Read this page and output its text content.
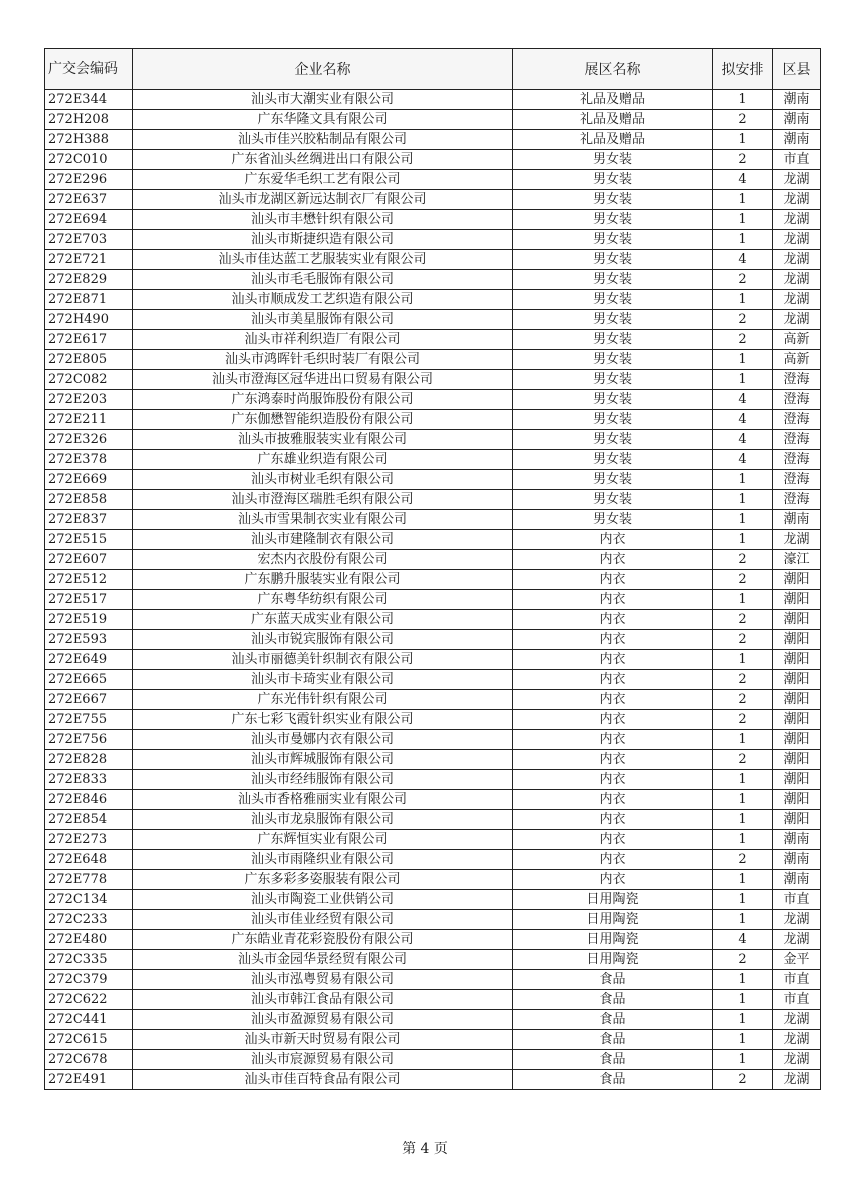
广交会编码	企业名称	展区名称	拟安排	区县
272E344	汕头市大潮实业有限公司	礼品及赠品	1	潮南
272H208	广东华隆文具有限公司	礼品及赠品	2	潮南
272H388	汕头市佳兴胶粘制品有限公司	礼品及赠品	1	潮南
272C010	广东省汕头丝绸进出口有限公司	男女装	2	市直
272E296	广东爱华毛织工艺有限公司	男女装	4	龙湖
272E637	汕头市龙湖区新远达制衣厂有限公司	男女装	1	龙湖
272E694	汕头市丰懋针织有限公司	男女装	1	龙湖
272E703	汕头市斯捷织造有限公司	男女装	1	龙湖
272E721	汕头市佳达蓝工艺服装实业有限公司	男女装	4	龙湖
272E829	汕头市毛毛服饰有限公司	男女装	2	龙湖
272E871	汕头市顺成发工艺织造有限公司	男女装	1	龙湖
272H490	汕头市美星服饰有限公司	男女装	2	龙湖
272E617	汕头市祥利织造厂有限公司	男女装	2	高新
272E805	汕头市鸿晖针毛织时装厂有限公司	男女装	1	高新
272C082	汕头市澄海区冠华进出口贸易有限公司	男女装	1	澄海
272E203	广东鸿泰时尚服饰股份有限公司	男女装	4	澄海
272E211	广东伽懋智能织造股份有限公司	男女装	4	澄海
272E326	汕头市披雅服装实业有限公司	男女装	4	澄海
272E378	广东雄业织造有限公司	男女装	4	澄海
272E669	汕头市树业毛织有限公司	男女装	1	澄海
272E858	汕头市澄海区瑞胜毛织有限公司	男女装	1	澄海
272E837	汕头市雪果制衣实业有限公司	男女装	1	潮南
272E515	汕头市建隆制衣有限公司	内衣	1	龙湖
272E607	宏杰内衣股份有限公司	内衣	2	濠江
272E512	广东鹏升服装实业有限公司	内衣	2	潮阳
272E517	广东粤华纺织有限公司	内衣	1	潮阳
272E519	广东蓝天成实业有限公司	内衣	2	潮阳
272E593	汕头市锐宾服饰有限公司	内衣	2	潮阳
272E649	汕头市丽德美针织制衣有限公司	内衣	1	潮阳
272E665	汕头市卡琦实业有限公司	内衣	2	潮阳
272E667	广东光伟针织有限公司	内衣	2	潮阳
272E755	广东七彩飞霞针织实业有限公司	内衣	2	潮阳
272E756	汕头市曼娜内衣有限公司	内衣	1	潮阳
272E828	汕头市辉城服饰有限公司	内衣	2	潮阳
272E833	汕头市经纬服饰有限公司	内衣	1	潮阳
272E846	汕头市香格雅丽实业有限公司	内衣	1	潮阳
272E854	汕头市龙泉服饰有限公司	内衣	1	潮阳
272E273	广东辉恒实业有限公司	内衣	1	潮南
272E648	汕头市雨隆织业有限公司	内衣	2	潮南
272E778	广东多彩多姿服装有限公司	内衣	1	潮南
272C134	汕头市陶瓷工业供销公司	日用陶瓷	1	市直
272C233	汕头市佳业经贸有限公司	日用陶瓷	1	龙湖
272E480	广东皓业青花彩瓷股份有限公司	日用陶瓷	4	龙湖
272C335	汕头市金园华景经贸有限公司	日用陶瓷	2	金平
272C379	汕头市泓粤贸易有限公司	食品	1	市直
272C622	汕头市韩江食品有限公司	食品	1	市直
272C441	汕头市盈源贸易有限公司	食品	1	龙湖
272C615	汕头市新天时贸易有限公司	食品	1	龙湖
272C678	汕头市宸源贸易有限公司	食品	1	龙湖
272E491	汕头市佳百特食品有限公司	食品	2	龙湖
第 4 页
